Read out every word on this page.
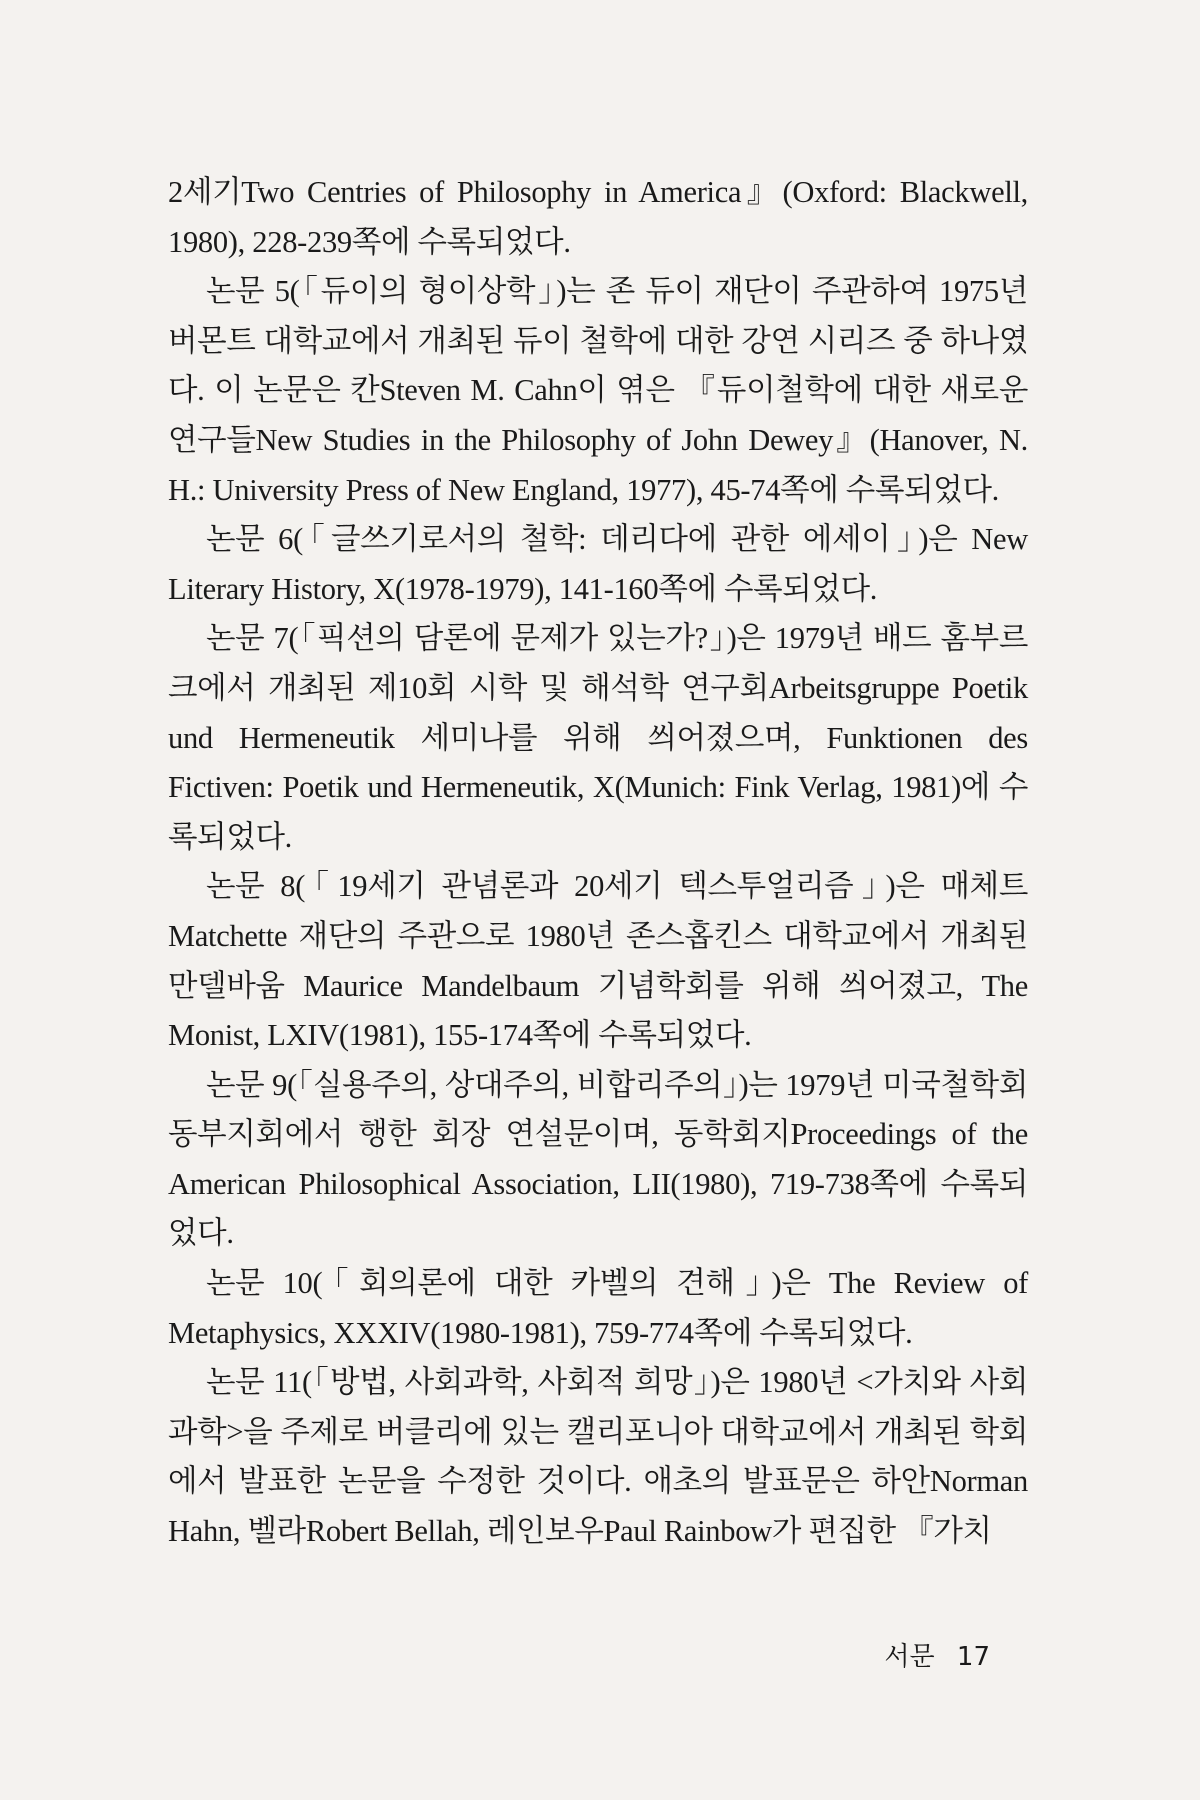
2세기Two Centries of Philosophy in America』(Oxford: Blackwell, 1980), 228-239쪽에 수록되었다.

논문 5(「듀이의 형이상학」)는 존 듀이 재단이 주관하여 1975년 버몬트 대학교에서 개최된 듀이 철학에 대한 강연 시리즈 중 하나였다. 이 논문은 칸Steven M. Cahn이 엮은 『듀이철학에 대한 새로운 연구들New Studies in the Philosophy of John Dewey』(Hanover, N. H.: University Press of New England, 1977), 45-74쪽에 수록되었다.

논문 6(「글쓰기로서의 철학: 데리다에 관한 에세이」)은 New Literary History, X(1978-1979), 141-160쪽에 수록되었다.

논문 7(「픽션의 담론에 문제가 있는가?」)은 1979년 배드 홈부르크에서 개최된 제10회 시학 및 해석학 연구회Arbeitsgruppe Poetik und Hermeneutik 세미나를 위해 씌어졌으며, Funktionen des Fictiven: Poetik und Hermeneutik, X(Munich: Fink Verlag, 1981)에 수록되었다.

논문 8(「19세기 관념론과 20세기 텍스투얼리즘」)은 매체트Matchette 재단의 주관으로 1980년 존스홉킨스 대학교에서 개최된 만델바움 Maurice Mandelbaum 기념학회를 위해 씌어졌고, The Monist, LXIV(1981), 155-174쪽에 수록되었다.

논문 9(「실용주의, 상대주의, 비합리주의」)는 1979년 미국철학회 동부지회에서 행한 회장 연설문이며, 동학회지Proceedings of the American Philosophical Association, LII(1980), 719-738쪽에 수록되었다.

논문 10(「회의론에 대한 카벨의 견해」)은 The Review of Metaphysics, XXXIV(1980-1981), 759-774쪽에 수록되었다.

논문 11(「방법, 사회과학, 사회적 희망」)은 1980년 <가치와 사회과학>을 주제로 버클리에 있는 캘리포니아 대학교에서 개최된 학회에서 발표한 논문을 수정한 것이다. 애초의 발표문은 하안Norman Hahn, 벨라Robert Bellah, 레인보우Paul Rainbow가 편집한 『가치

서문 17
